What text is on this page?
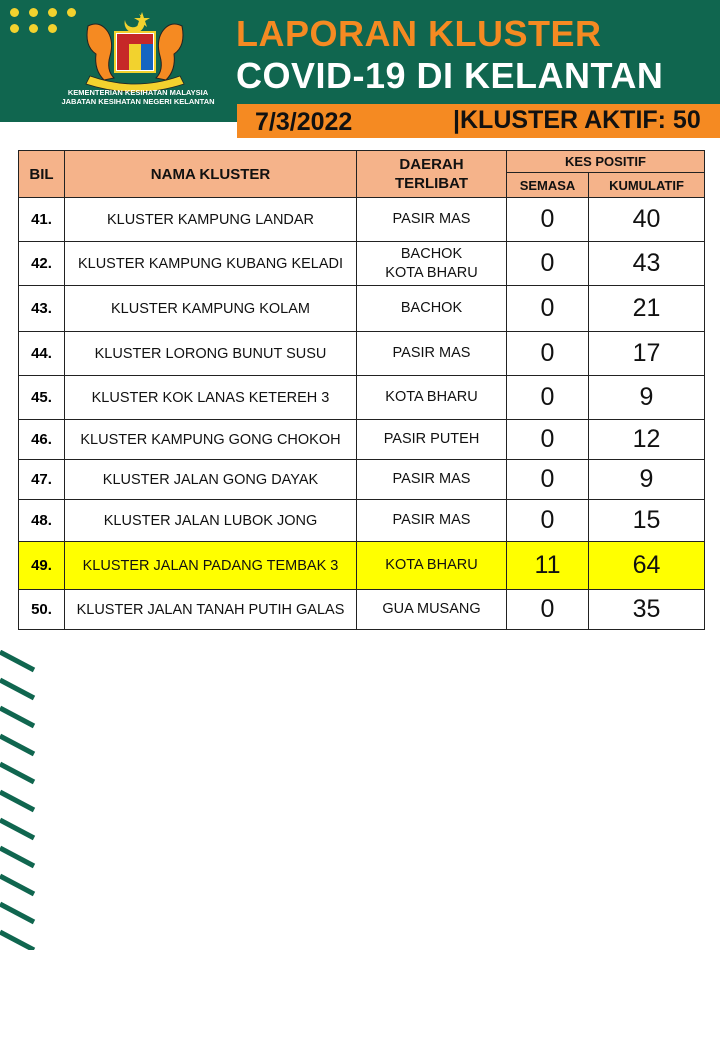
KEMENTERIAN KESIHATAN MALAYSIA
JABATAN KESIHATAN NEGERI KELANTAN
LAPORAN KLUSTER
COVID-19 DI KELANTAN
7/3/2022	|KLUSTER AKTIF: 50
BIL	NAMA KLUSTER	DAERAH
TERLIBAT	KES POSITIF	
			SEMASA	KUMULATIF
41.	KLUSTER KAMPUNG LANDAR	PASIR MAS	0	40
42.	KLUSTER KAMPUNG KUBANG KELADI	BACHOK
KOTA BHARU	0	43
43.	KLUSTER KAMPUNG KOLAM	BACHOK	0	21
44.	KLUSTER LORONG BUNUT SUSU	PASIR MAS	0	17
45.	KLUSTER KOK LANAS KETEREH 3	KOTA BHARU	0	9
46.	KLUSTER KAMPUNG GONG CHOKOH	PASIR PUTEH	0	12
47.	KLUSTER JALAN GONG DAYAK	PASIR MAS	0	9
48.	KLUSTER JALAN LUBOK JONG	PASIR MAS	0	15
49.	KLUSTER JALAN PADANG TEMBAK 3	KOTA BHARU	11	64
50.	KLUSTER JALAN TANAH PUTIH GALAS	GUA MUSANG	0	35
